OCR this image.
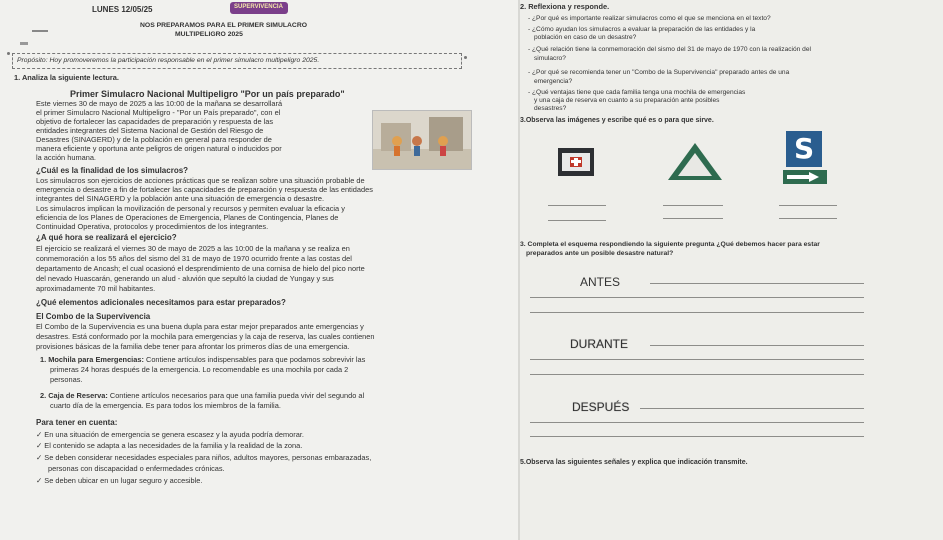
LUNES 12/05/25	SUPERVIVENCIA
NOS PREPARAMOS PARA EL PRIMER SIMULACRO
MULTIPELIGRO 2025
Propósito: Hoy promoveremos la participación responsable en el primer simulacro multipeligro 2025.
1. Analiza la siguiente lectura.
Primer Simulacro Nacional Multipeligro "Por un país preparado"
Este viernes 30 de mayo de 2025 a las 10:00 de la mañana se desarrollará
el primer Simulacro Nacional Multipeligro - "Por un País preparado", con el
objetivo de fortalecer las capacidades de preparación y respuesta de las
entidades integrantes del Sistema Nacional de Gestión del Riesgo de
Desastres (SINAGERD) y de la población en general para responder de
manera eficiente y oportuna ante peligros de origen natural o inducidos por
la acción humana.
¿Cuál es la finalidad de los simulacros?
Los simulacros son ejercicios de acciones prácticas que se realizan sobre una situación probable de
emergencia o desastre a fin de fortalecer las capacidades de preparación y respuesta de las entidades
integrantes del SINAGERD y la población ante una situación de emergencia o desastre.
Los simulacros implican la movilización de personal y recursos y permiten evaluar la eficacia y
eficiencia de los Planes de Operaciones de Emergencia, Planes de Contingencia, Planes de
Continuidad Operativa, protocolos y procedimientos de los integrantes.
¿A qué hora se realizará el ejercicio?
El ejercicio se realizará el viernes 30 de mayo de 2025 a las 10:00 de la mañana y se realiza en
conmemoración a los 55 años del sismo del 31 de mayo de 1970 ocurrido frente a las costas del
departamento de Ancash; el cual ocasionó el desprendimiento de una cornisa de hielo del pico norte
del nevado Huascarán, generando un alud - aluvión que sepultó la ciudad de Yungay y sus
aproximadamente 70 mil habitantes.
¿Qué elementos adicionales necesitamos para estar preparados?
El Combo de la Supervivencia
El Combo de la Supervivencia es una buena dupla para estar mejor preparados ante emergencias y
desastres. Está conformado por la mochila para emergencias y la caja de reserva, las cuales contienen
provisiones básicas de la familia debe tener para afrontar los primeros días de una emergencia.
1. Mochila para Emergencias: Contiene artículos indispensables para que podamos sobrevivir las
primeras 24 horas después de la emergencia. Lo recomendable es una mochila por cada 2
personas.
2. Caja de Reserva: Contiene artículos necesarios para que una familia pueda vivir del segundo al
cuarto día de la emergencia. Es para todos los miembros de la familia.
Para tener en cuenta:
✓ En una situación de emergencia se genera escasez y la ayuda podría demorar.
✓ El contenido se adapta a las necesidades de la familia y la realidad de la zona.
✓ Se deben considerar necesidades especiales para niños, adultos mayores, personas embarazadas,
personas con discapacidad o enfermedades crónicas.
✓ Se deben ubicar en un lugar seguro y accesible.
2. Reflexiona y responde.
- ¿Por qué es importante realizar simulacros como el que se menciona en el texto?
- ¿Cómo ayudan los simulacros a evaluar la preparación de las entidades y la
población en caso de un desastre?
- ¿Qué relación tiene la conmemoración del sismo del 31 de mayo de 1970 con la realización del
simulacro?
- ¿Por qué se recomienda tener un "Combo de la Supervivencia" preparado antes de una
emergencia?
- ¿Qué ventajas tiene que cada familia tenga una mochila de emergencias
y una caja de reserva en cuanto a su preparación ante posibles
desastres?
3.Observa las imágenes y escribe qué es o para que sirve.
S
3. Completa el esquema respondiendo la siguiente pregunta ¿Qué debemos hacer para estar
preparados ante un posible desastre natural?
ANTES
DURANTE
DESPUÉS
5.Observa las siguientes señales y explica que indicación transmite.
